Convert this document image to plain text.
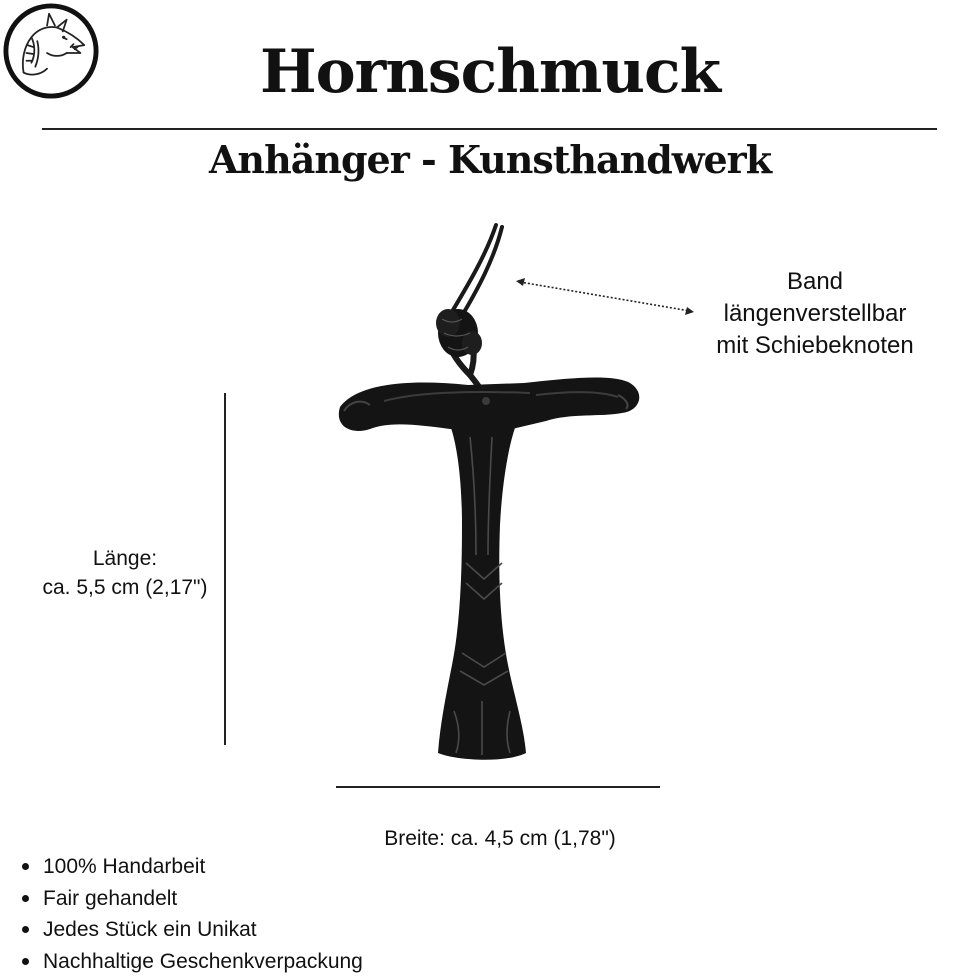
Hornschmuck
Anhänger - Kunsthandwerk
Band
längenverstellbar
mit Schiebeknoten
Länge:
ca. 5,5 cm (2,17")
Breite: ca. 4,5 cm (1,78")
100% Handarbeit
Fair gehandelt
Jedes Stück ein Unikat
Nachhaltige Geschenkverpackung
